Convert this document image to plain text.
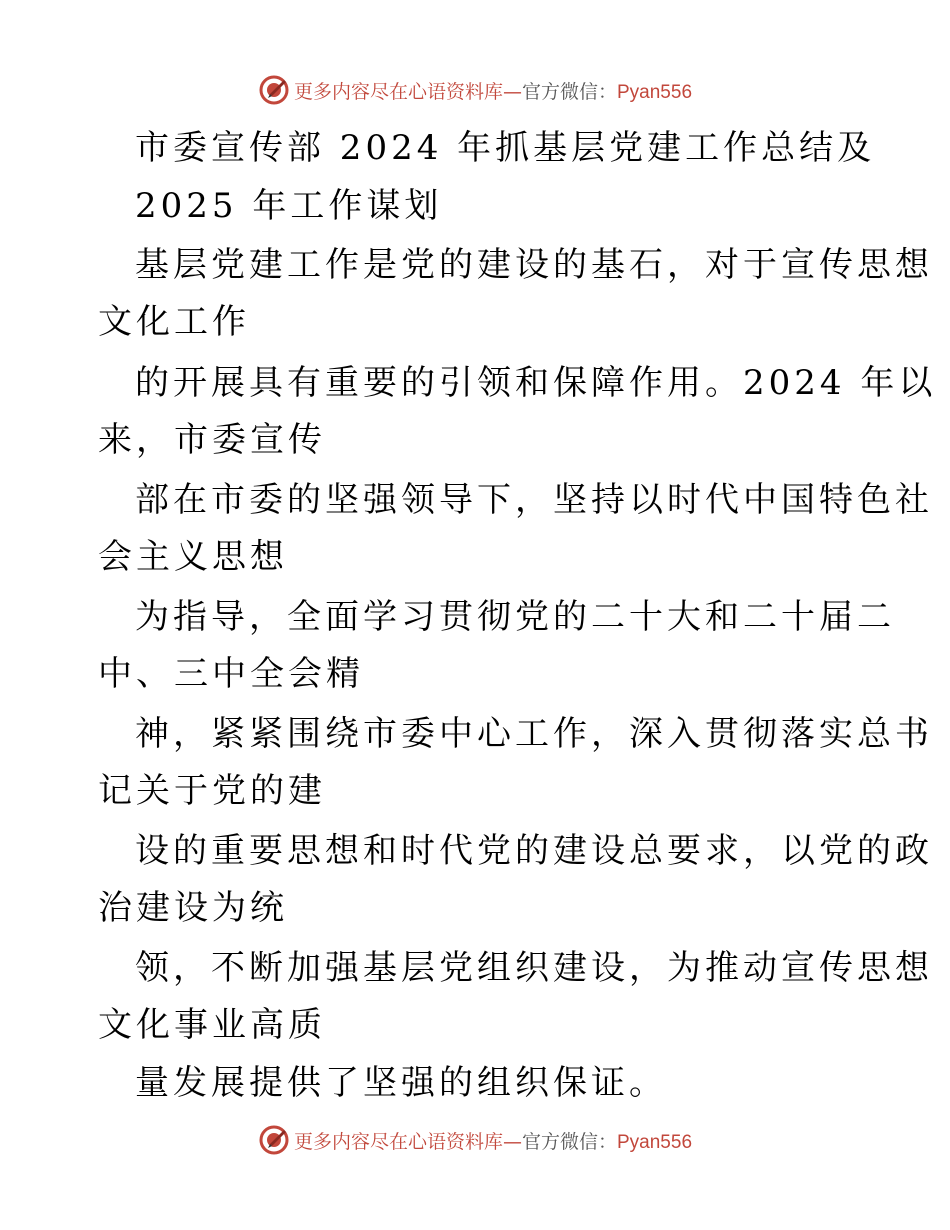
更多内容尽在心语资料库—官方微信：Pyan556
市委宣传部 2024 年抓基层党建工作总结及
2025 年工作谋划
基层党建工作是党的建设的基石，对于宣传思想
文化工作
的开展具有重要的引领和保障作用。2024 年以
来，市委宣传
部在市委的坚强领导下，坚持以时代中国特色社
会主义思想
为指导，全面学习贯彻党的二十大和二十届二
中、三中全会精
神，紧紧围绕市委中心工作，深入贯彻落实总书
记关于党的建
设的重要思想和时代党的建设总要求，以党的政
治建设为统
领，不断加强基层党组织建设，为推动宣传思想
文化事业高质
量发展提供了坚强的组织保证。
更多内容尽在心语资料库—官方微信：Pyan556
